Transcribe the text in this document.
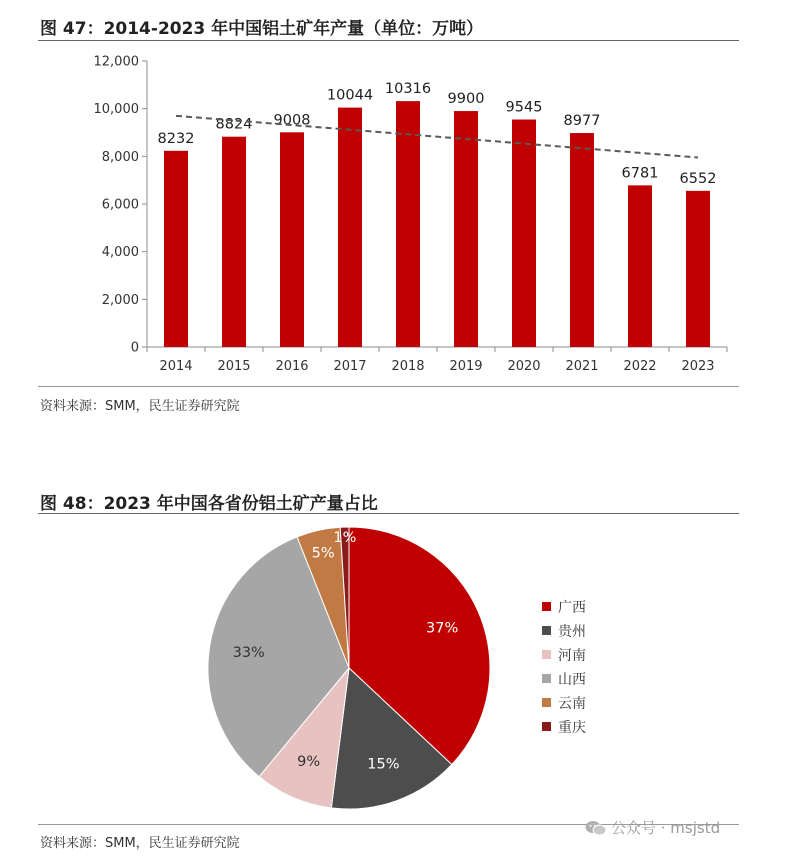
图 47：2014-2023 年中国铝土矿年产量（单位：万吨）
0
2,000
4,000
6,000
8,000
10,000
12,000
8232
2014
8824
2015
9008
2016
10044
2017
10316
2018
9900
2019
9545
2020
8977
2021
6781
2022
6552
2023
资料来源：SMM，民生证券研究院
图 48：2023 年中国各省份铝土矿产量占比
37%
15%
9%
33%
5%
1%
广西
贵州
河南
山西
云南
重庆
资料来源：SMM，民生证券研究院
公众号 · msjstd
